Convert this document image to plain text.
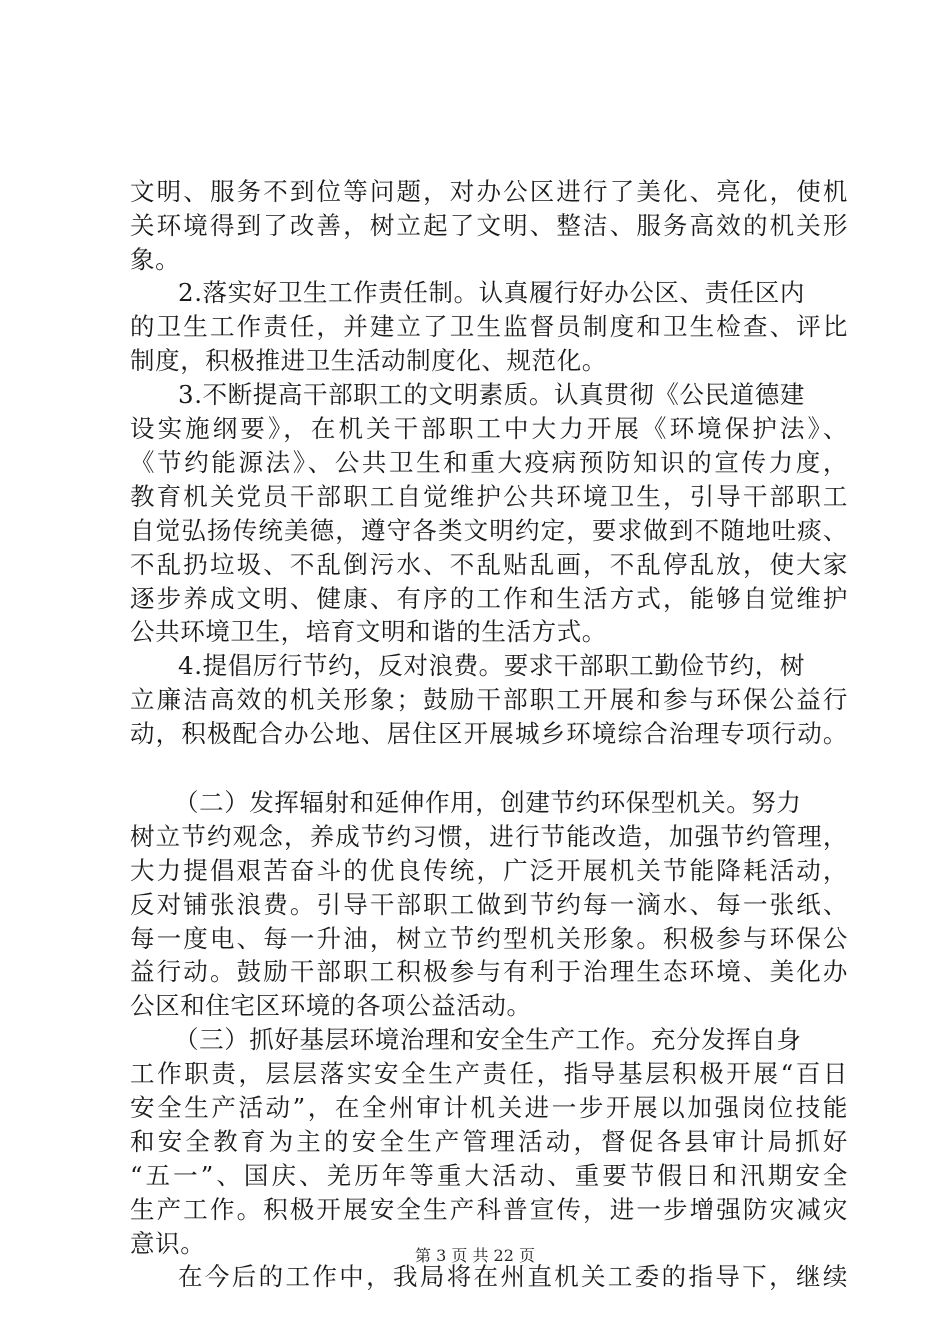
文明、服务不到位等问题，对办公区进行了美化、亮化，使机
关环境得到了改善，树立起了文明、整洁、服务高效的机关形
象。
2.落实好卫生工作责任制。认真履行好办公区、责任区内
的卫生工作责任，并建立了卫生监督员制度和卫生检查、评比
制度，积极推进卫生活动制度化、规范化。
3.不断提高干部职工的文明素质。认真贯彻《公民道德建
设实施纲要》，在机关干部职工中大力开展《环境保护法》、
《节约能源法》、公共卫生和重大疫病预防知识的宣传力度，
教育机关党员干部职工自觉维护公共环境卫生，引导干部职工
自觉弘扬传统美德，遵守各类文明约定，要求做到不随地吐痰、
不乱扔垃圾、不乱倒污水、不乱贴乱画，不乱停乱放，使大家
逐步养成文明、健康、有序的工作和生活方式，能够自觉维护
公共环境卫生，培育文明和谐的生活方式。
4.提倡厉行节约，反对浪费。要求干部职工勤俭节约，树
立廉洁高效的机关形象；鼓励干部职工开展和参与环保公益行
动，积极配合办公地、居住区开展城乡环境综合治理专项行动。
（二）发挥辐射和延伸作用，创建节约环保型机关。努力
树立节约观念，养成节约习惯，进行节能改造，加强节约管理，
大力提倡艰苦奋斗的优良传统，广泛开展机关节能降耗活动，
反对铺张浪费。引导干部职工做到节约每一滴水、每一张纸、
每一度电、每一升油，树立节约型机关形象。积极参与环保公
益行动。鼓励干部职工积极参与有利于治理生态环境、美化办
公区和住宅区环境的各项公益活动。
（三）抓好基层环境治理和安全生产工作。充分发挥自身
工作职责，层层落实安全生产责任，指导基层积极开展“百日
安全生产活动”，在全州审计机关进一步开展以加强岗位技能
和安全教育为主的安全生产管理活动，督促各县审计局抓好
“五一”、国庆、羌历年等重大活动、重要节假日和汛期安全
生产工作。积极开展安全生产科普宣传，进一步增强防灾减灾
意识。
在今后的工作中，我局将在州直机关工委的指导下，继续
第 3 页 共 22 页
